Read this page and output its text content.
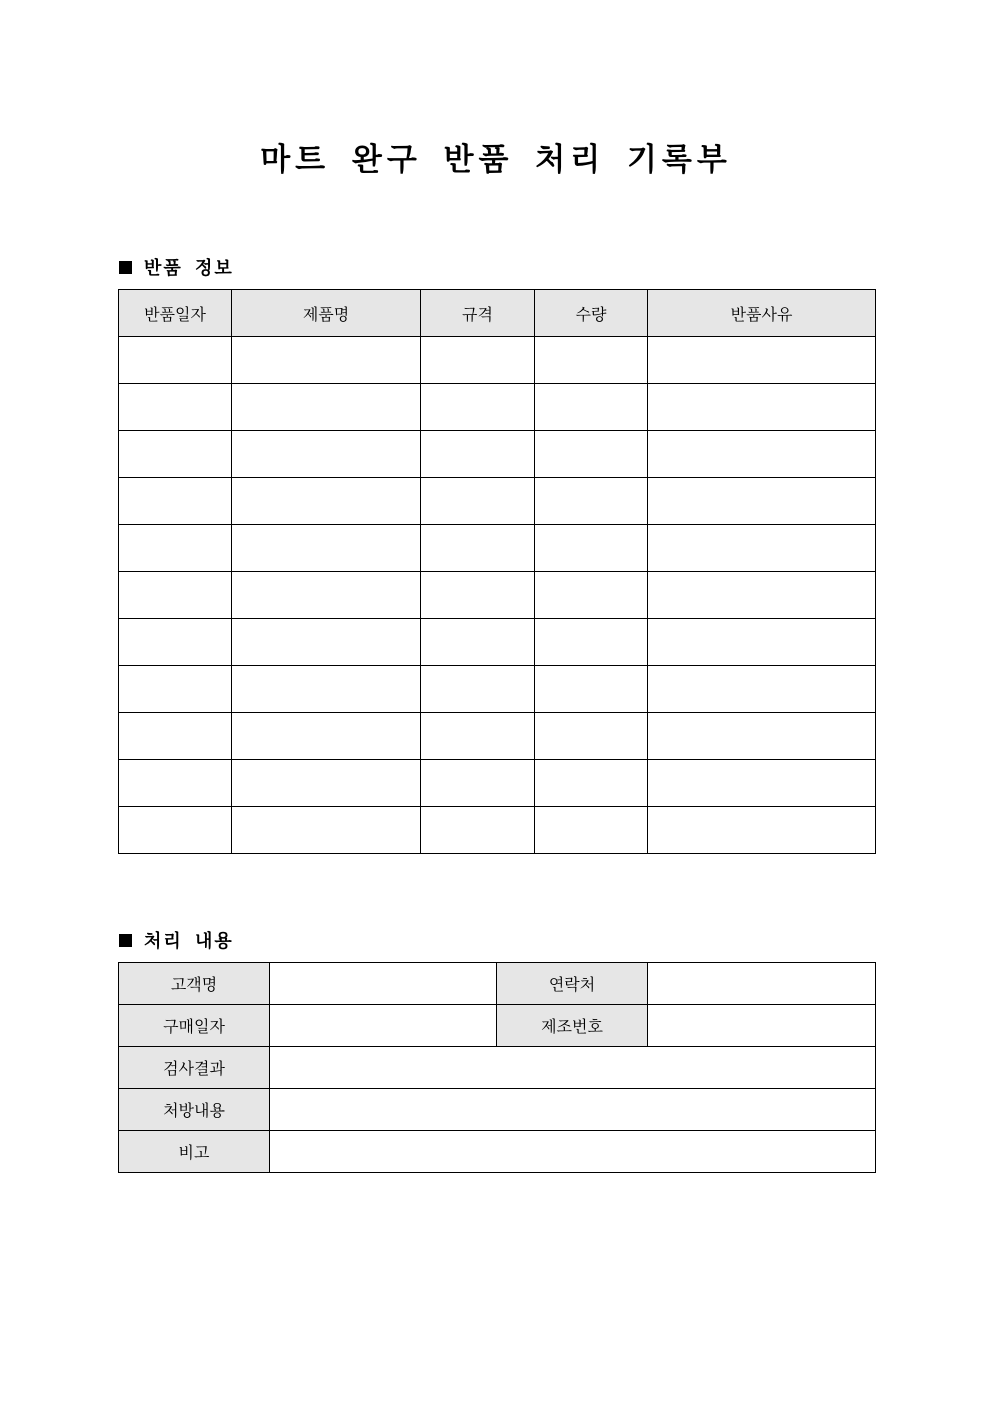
마트 완구 반품 처리 기록부
반품 정보
반품일자	제품명	규격	수량	반품사유

처리 내용
고객명		연락처	
구매일자		제조번호	
검사결과			
처방내용			
비고			
